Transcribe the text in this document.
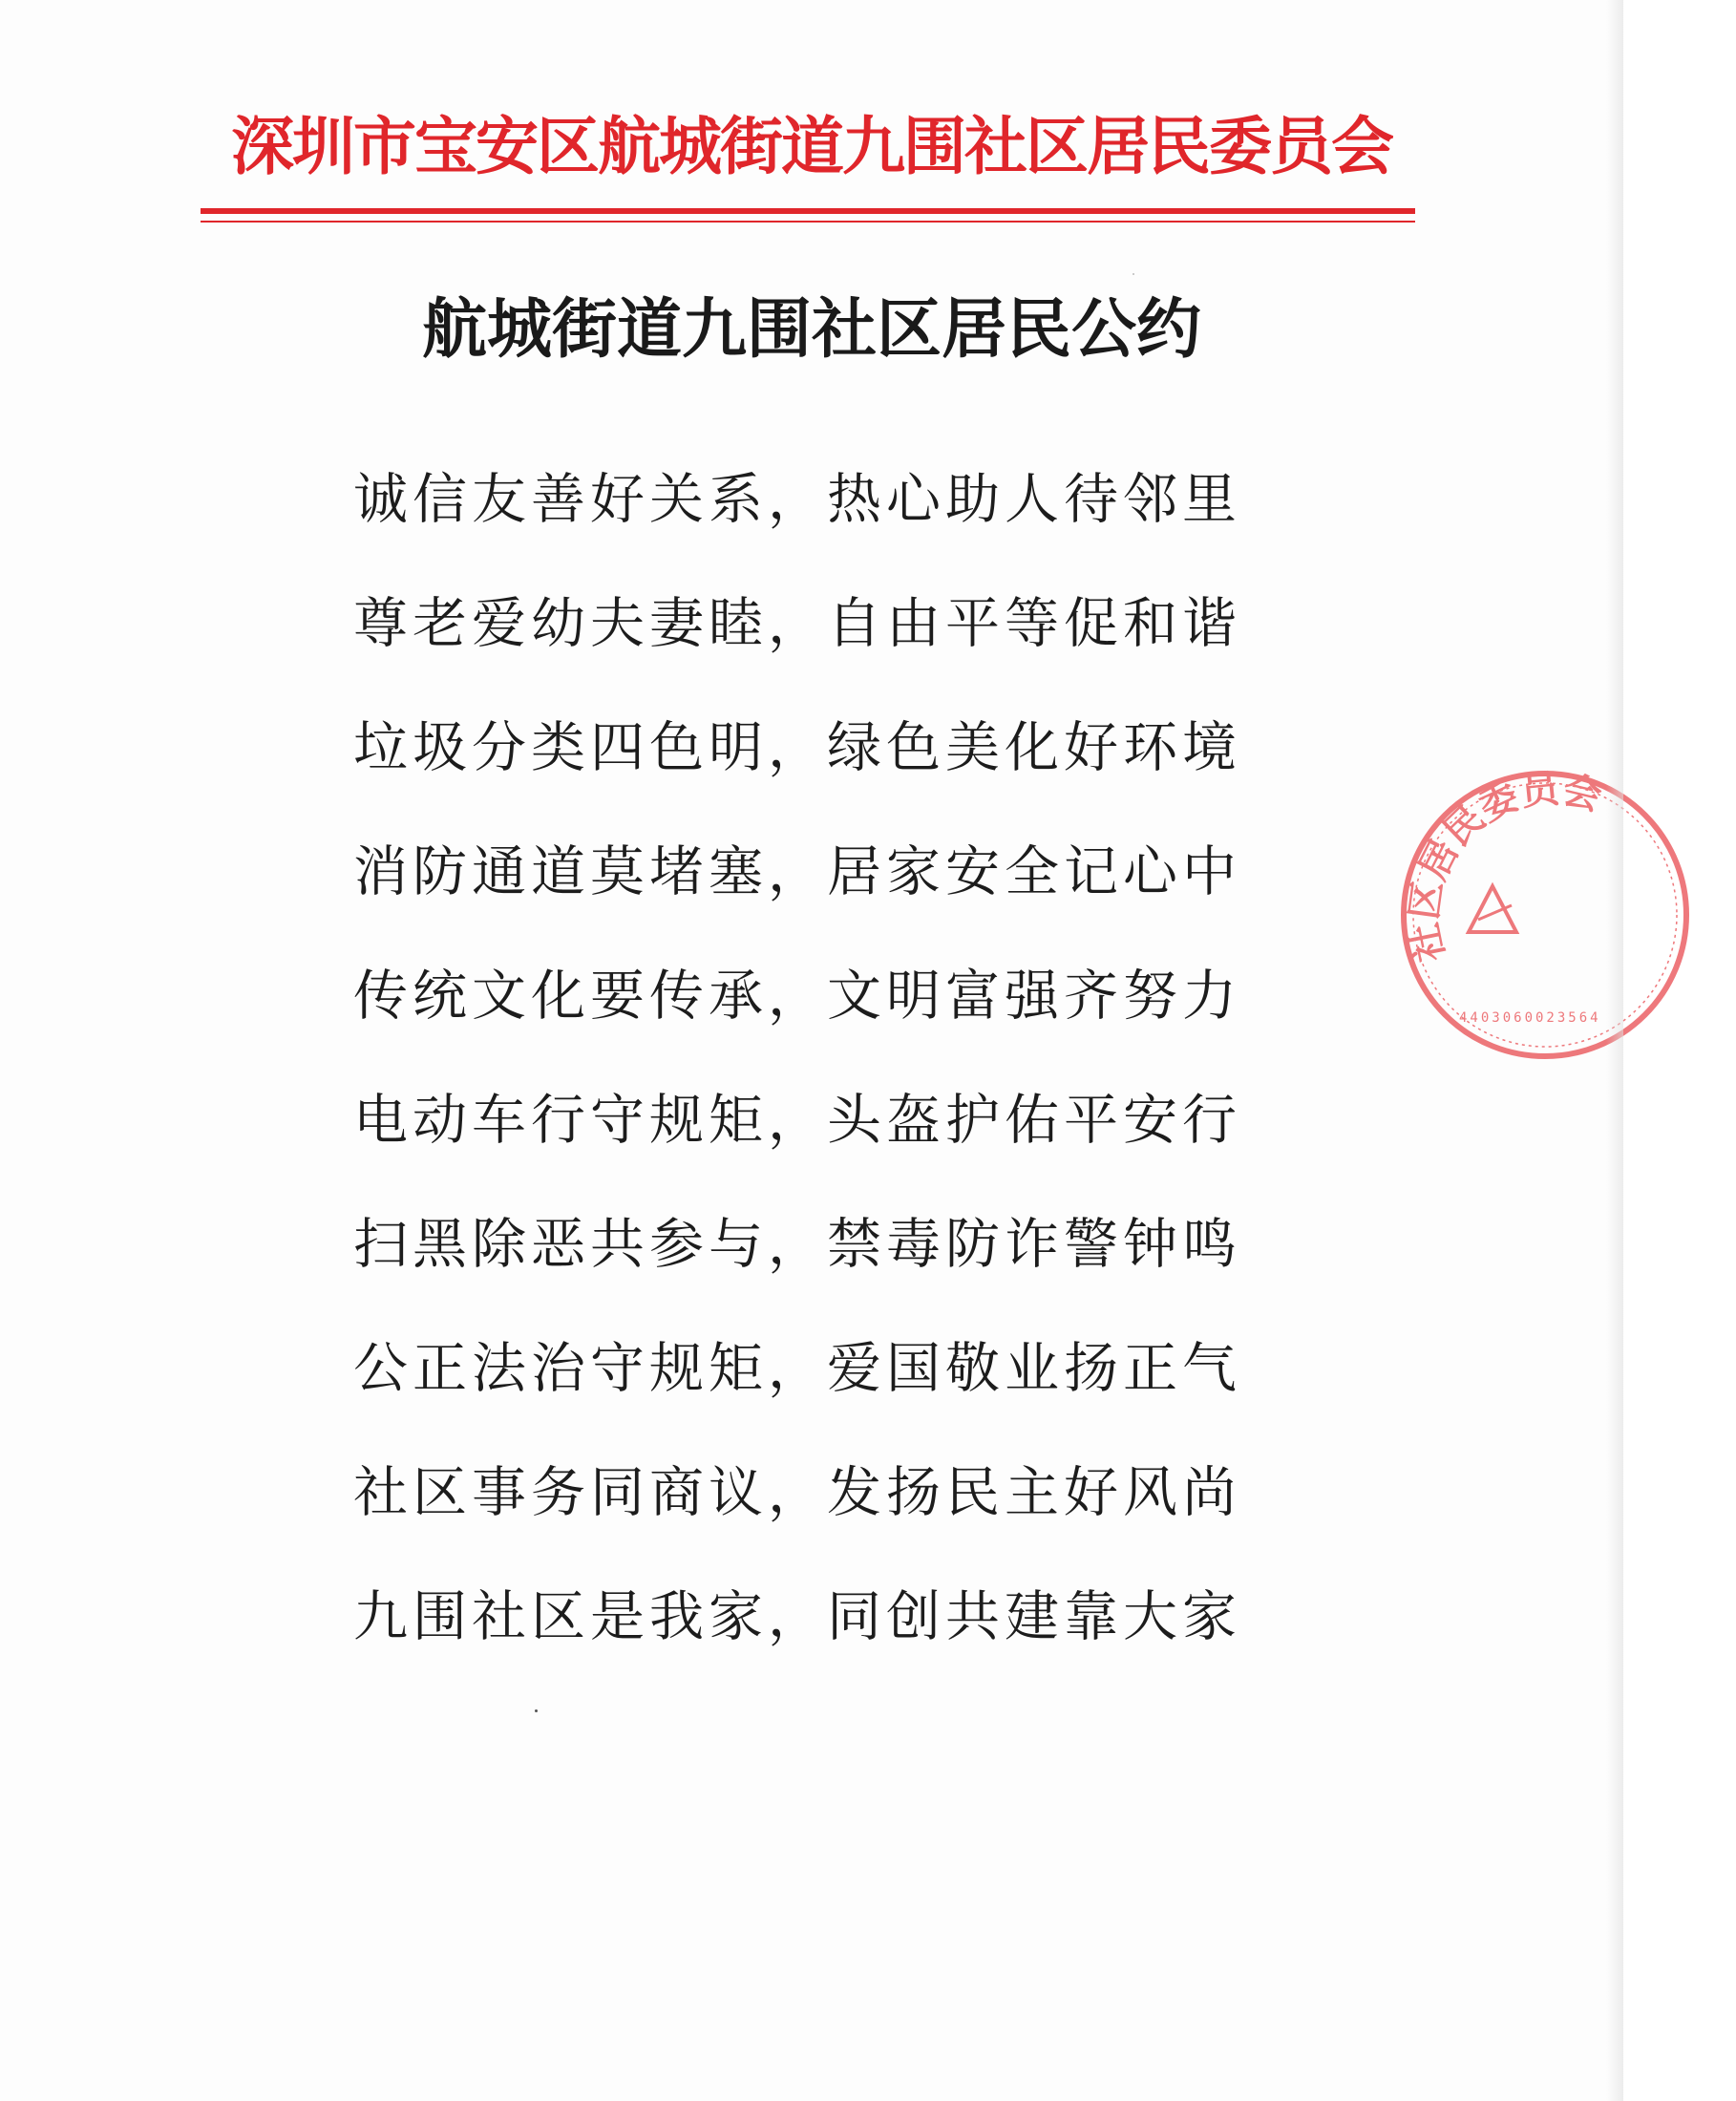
深圳市宝安区航城街道九围社区居民委员会
航城街道九围社区居民公约
诚信友善好关系，热心助人待邻里
尊老爱幼夫妻睦，自由平等促和谐
垃圾分类四色明，绿色美化好环境
消防通道莫堵塞，居家安全记心中
传统文化要传承，文明富强齐努力
电动车行守规矩，头盔护佑平安行
扫黑除恶共参与，禁毒防诈警钟鸣
公正法治守规矩，爱国敬业扬正气
社区事务同商议，发扬民主好风尚
九围社区是我家，同创共建靠大家
社区居民委员会
4403060023564
